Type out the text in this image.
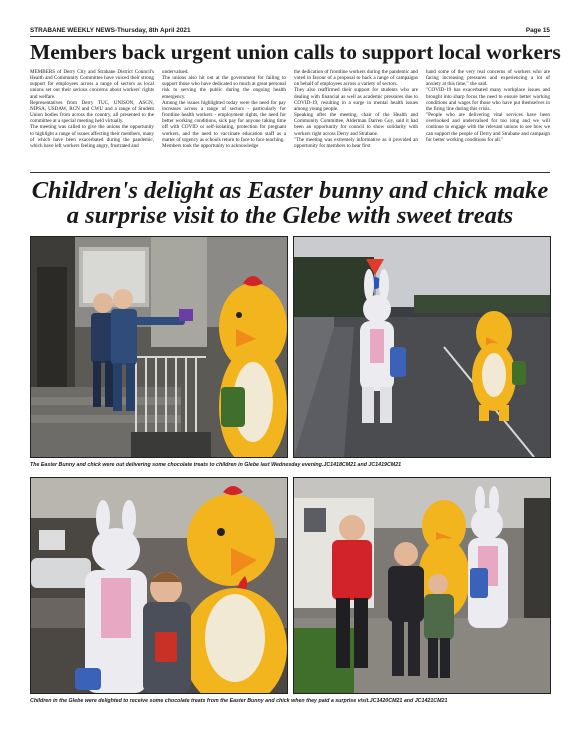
STRABANE WEEKLY NEWS-Thursday, 8th April 2021	Page 15
Members back urgent union calls to support local workers

MEMBERS of Derry City and Strabane District Council's Health and Community Committee have voiced their strong support for employees across a range of sectors as local unions set out their serious concerns about workers' rights and welfare.

Representatives from Derry TUC, UNISON, ASGN, NIPSA, USDAW, RCN and CWU and a range of Student Union bodies from across the country, all presented to the committee at a special meeting held virtually.

The meeting was called to give the unions the opportunity to highlight a range of issues affecting their members, many of which have been exacerbated during the pandemic, which have left workers feeling angry, frustrated and

undervalued.

The unions also hit out at the government for failing to support those who have dedicated so much at great personal risk to serving the public during the ongoing health emergency.

Among the issues highlighted today were the need for pay increases across a range of sectors - particularly for frontline health workers - employment rights, the need for better working conditions, sick pay for anyone taking time off with COVID or self-isolating, protection for pregnant workers, and the need to vaccinate education staff as a matter of urgency as schools return to face to face teaching.

Members took the opportunity to acknowledge

the dedication of frontline workers during the pandemic and voted in favour of a proposal to back a range of campaigns on behalf of employees across a variety of sectors.

They also reaffirmed their support for students who are dealing with financial as well as academic pressures due to COVID-19, resulting in a surge in mental health issues among young people.

Speaking after the meeting, chair of the Health and Community Committee, Alderman Darren Guy, said it had been an opportunity for council to show solidarity with workers right across Derry and Strabane.

"The meeting was extremely informative as it provided an opportunity for members to hear first

hand some of the very real concerns of workers who are facing increasing pressures and experiencing a lot of anxiety at this time," she said.

"COVID-19 has exacerbated many workplace issues and brought into sharp focus the need to ensure better working conditions and wages for those who have put themselves in the firing line during this crisis.

"People who are delivering vital services have been overlooked and undervalued for too long and we will continue to engage with the relevant unions to see how we can support the people of Derry and Strabane and campaign for better working conditions for all."

Children's delight as Easter bunny and chick make a surprise visit to the Glebe with sweet treats
The Easter Bunny and chick were out delivering some chocolate treats to children in Glebe last Wednesday evening.JC1418CM21 and JC1419CM21
Children in the Glebe were delighted to receive some chocolate treats from the Easter Bunny and chick when they paid a surprise visit.JC1420CM21 and JC1421CM21
